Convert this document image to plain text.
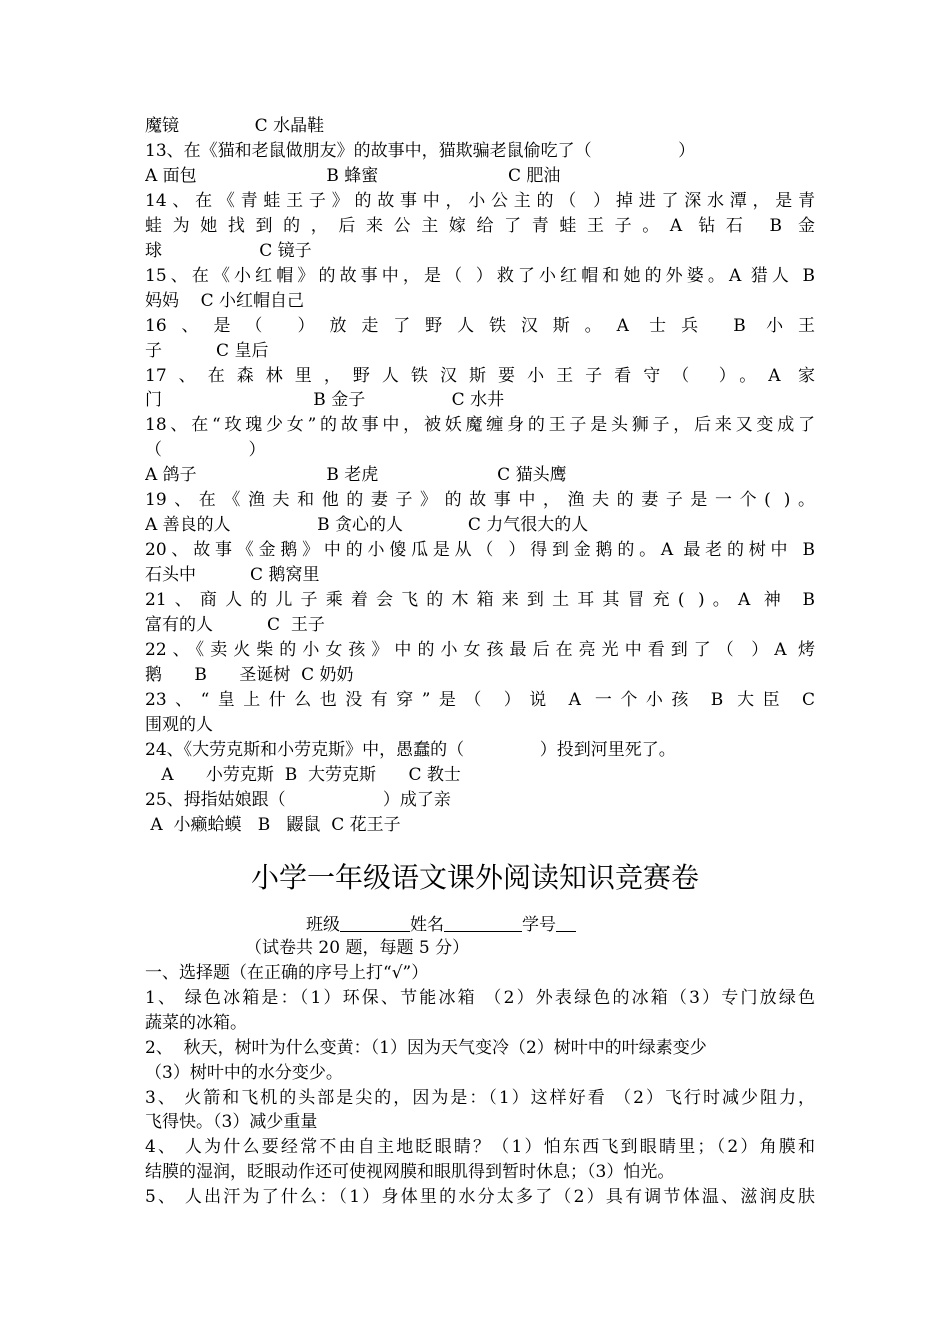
魔镜              C 水晶鞋
13、在《猫和老鼠做朋友》的故事中，猫欺骗老鼠偷吃了（                ）
A 面包                        B 蜂蜜                        C 肥油
14、在《青蛙王子》的故事中，小公主的（ ）掉进了深水潭，是青
蛙为她找到的，后来公主嫁给了青蛙王子。A 钻石 B 金
球                  C 镜子
15、在《小红帽》的故事中，是（ ）救了小红帽和她的外婆。A 猎人 B
妈妈    C 小红帽自己
16、是（ ）放走了野人铁汉斯。A 士兵 B 小王
子          C 皇后
17、在森林里，野人铁汉斯要小王子看守（ ）。A 家
门                            B 金子                C 水井
18、在“玫瑰少女”的故事中，被妖魔缠身的王子是头狮子，后来又变成了
（                ）
A 鸽子                        B 老虎                      C 猫头鹰
19、在《渔夫和他的妻子》的故事中，渔夫的妻子是一个( )。
A 善良的人                B 贪心的人            C 力气很大的人
20、故事《金鹅》中的小傻瓜是从（ ）得到金鹅的。A 最老的树中 B
石头中          C 鹅窝里
21、商人的儿子乘着会飞的木箱来到土耳其冒充( )。A 神 B
富有的人          C  王子
22、《卖火柴的小女孩》中的小女孩最后在亮光中看到了（ ）A 烤
鹅      B      圣诞树  C 奶奶
23、“皇上什么也没有穿”是（ ）说 A 一个小孩 B 大臣 C
围观的人
24、《大劳克斯和小劳克斯》中，愚蠢的（              ）投到河里死了。
A      小劳克斯  B  大劳克斯      C 教士
25、拇指姑娘跟（                  ）成了亲
A  小癞蛤蟆   B   鼹鼠  C 花王子
小学一年级语文课外阅读知识竞赛卷
班级	姓名	学号
（试卷共 20 题，每题 5 分）
一、选择题（在正确的序号上打“√”）
1、 绿色冰箱是：（1）环保、节能冰箱 （2）外表绿色的冰箱（3）专门放绿色
蔬菜的冰箱。
2、  秋天，树叶为什么变黄：（1）因为天气变冷（2）树叶中的叶绿素变少
（3）树叶中的水分变少。
3、 火箭和飞机的头部是尖的，因为是：（1）这样好看 （2）飞行时减少阻力，
飞得快。（3）减少重量
4、 人为什么要经常不由自主地眨眼睛？（1）怕东西飞到眼睛里；（2）角膜和
结膜的湿润，眨眼动作还可使视网膜和眼肌得到暂时休息；（3）怕光。
5、 人出汗为了什么：（1）身体里的水分太多了（2）具有调节体温、滋润皮肤
